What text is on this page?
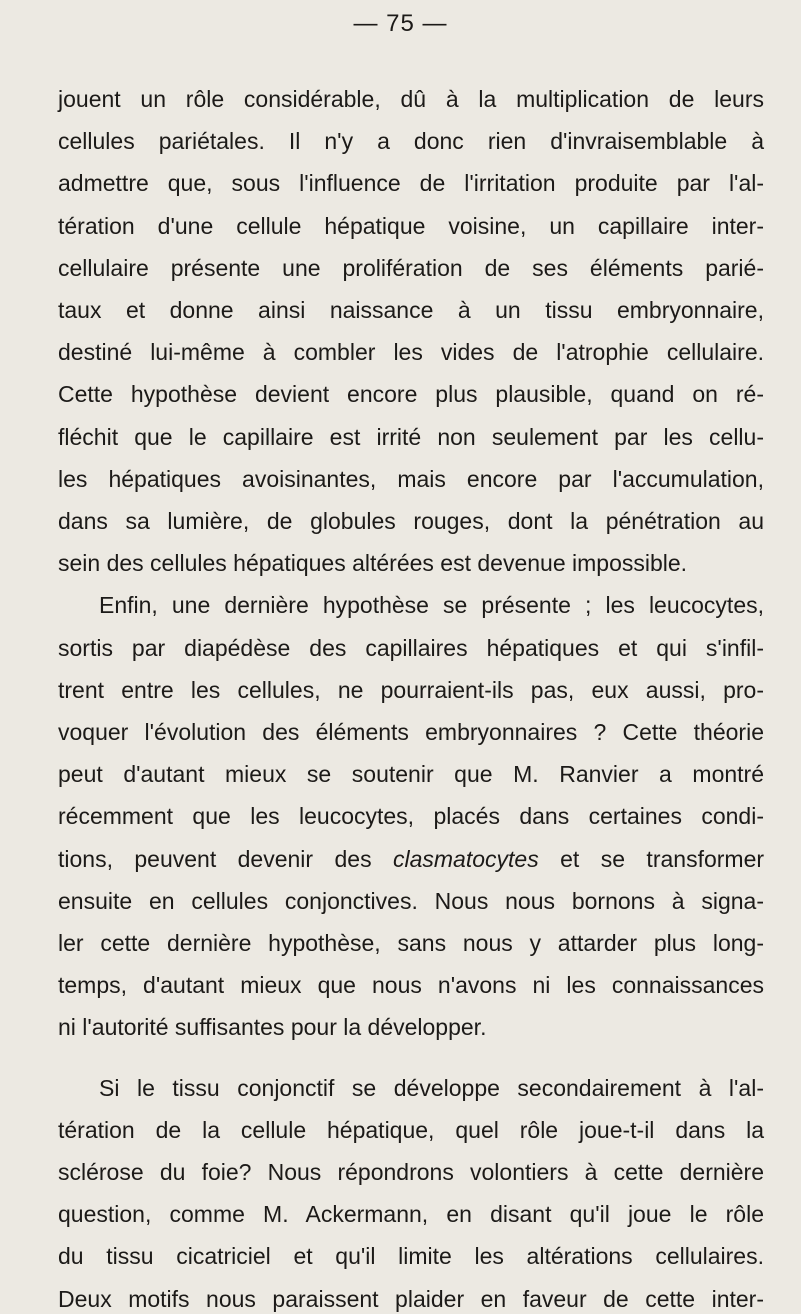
— 75 —
jouent un rôle considérable, dû à la multiplication de leurs
cellules pariétales. Il n'y a donc rien d'invraisemblable à
admettre que, sous l'influence de l'irritation produite par l'al-
tération d'une cellule hépatique voisine, un capillaire inter-
cellulaire présente une prolifération de ses éléments parié-
taux et donne ainsi naissance à un tissu embryonnaire,
destiné lui-même à combler les vides de l'atrophie cellulaire.
Cette hypothèse devient encore plus plausible, quand on ré-
fléchit que le capillaire est irrité non seulement par les cellu-
les hépatiques avoisinantes, mais encore par l'accumulation,
dans sa lumière, de globules rouges, dont la pénétration au
sein des cellules hépatiques altérées est devenue impossible.
Enfin, une dernière hypothèse se présente ; les leucocytes,
sortis par diapédèse des capillaires hépatiques et qui s'infil-
trent entre les cellules, ne pourraient-ils pas, eux aussi, pro-
voquer l'évolution des éléments embryonnaires ? Cette théorie
peut d'autant mieux se soutenir que M. Ranvier a montré
récemment que les leucocytes, placés dans certaines condi-
tions, peuvent devenir des clasmatocytes et se transformer
ensuite en cellules conjonctives. Nous nous bornons à signa-
ler cette dernière hypothèse, sans nous y attarder plus long-
temps, d'autant mieux que nous n'avons ni les connaissances
ni l'autorité suffisantes pour la développer.
Si le tissu conjonctif se développe secondairement à l'al-
tération de la cellule hépatique, quel rôle joue-t-il dans la
sclérose du foie? Nous répondrons volontiers à cette dernière
question, comme M. Ackermann, en disant qu'il joue le rôle
du tissu cicatriciel et qu'il limite les altérations cellulaires.
Deux motifs nous paraissent plaider en faveur de cette inter-
